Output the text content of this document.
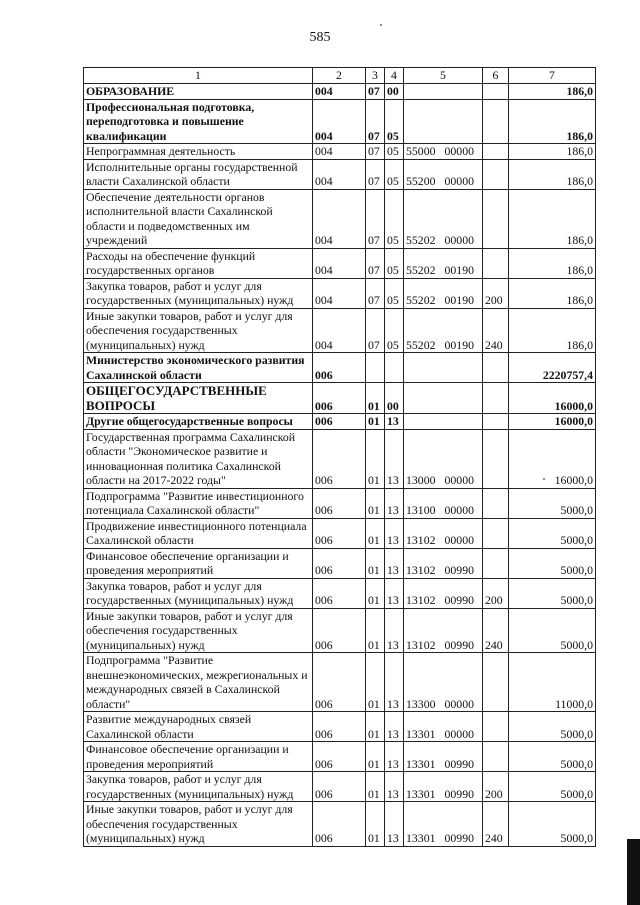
585
1	2	3	4	5	6	7
ОБРАЗОВАНИЕ	004	07	00			186,0
Профессиональная подготовка, переподготовка и повышение квалификации	004	07	05			186,0
Непрограммная деятельность	004	07	05	55000 00000		186,0
Исполнительные органы государственной власти Сахалинской области	004	07	05	55200 00000		186,0
Обеспечение деятельности органов исполнительной власти Сахалинской области и подведомственных им учреждений	004	07	05	55202 00000		186,0
Расходы на обеспечение функций государственных органов	004	07	05	55202 00190		186,0
Закупка товаров, работ и услуг для государственных (муниципальных) нужд	004	07	05	55202 00190	200	186,0
Иные закупки товаров, работ и услуг для обеспечения государственных (муниципальных) нужд	004	07	05	55202 00190	240	186,0
Министерство экономического развития Сахалинской области	006					2220757,4
ОБЩЕГОСУДАРСТВЕННЫЕ ВОПРОСЫ	006	01	00			16000,0
Другие общегосударственные вопросы	006	01	13			16000,0
Государственная программа Сахалинской области "Экономическое развитие и инновационная политика Сахалинской области на 2017-2022 годы"	006	01	13	13000 00000		16000,0
Подпрограмма "Развитие инвестиционного потенциала Сахалинской области"	006	01	13	13100 00000		5000,0
Продвижение инвестиционного потенциала Сахалинской области	006	01	13	13102 00000		5000,0
Финансовое обеспечение организации и проведения мероприятий	006	01	13	13102 00990		5000,0
Закупка товаров, работ и услуг для государственных (муниципальных) нужд	006	01	13	13102 00990	200	5000,0
Иные закупки товаров, работ и услуг для обеспечения государственных (муниципальных) нужд	006	01	13	13102 00990	240	5000,0
Подпрограмма "Развитие внешнеэкономических, межрегиональных и международных связей в Сахалинской области"	006	01	13	13300 00000		11000,0
Развитие международных связей Сахалинской области	006	01	13	13301 00000		5000,0
Финансовое обеспечение организации и проведения мероприятий	006	01	13	13301 00990		5000,0
Закупка товаров, работ и услуг для государственных (муниципальных) нужд	006	01	13	13301 00990	200	5000,0
Иные закупки товаров, работ и услуг для обеспечения государственных (муниципальных) нужд	006	01	13	13301 00990	240	5000,0
